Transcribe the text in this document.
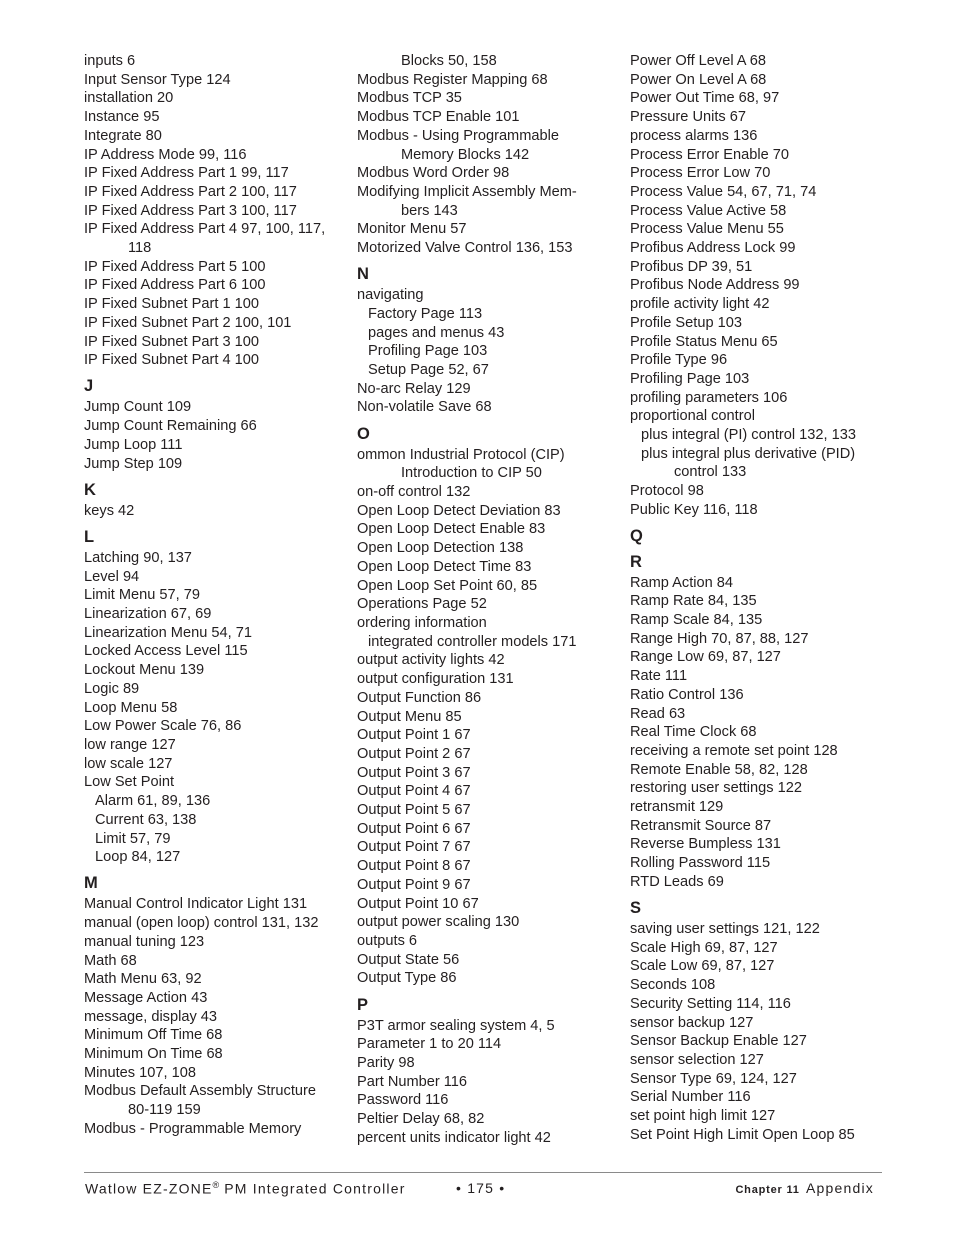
inputs 6
Input Sensor Type 124
installation 20
Instance 95
Integrate 80
IP Address Mode 99, 116
IP Fixed Address Part 1 99, 117
IP Fixed Address Part 2 100, 117
IP Fixed Address Part 3 100, 117
IP Fixed Address Part 4 97, 100, 117,
118
IP Fixed Address Part 5 100
IP Fixed Address Part 6 100
IP Fixed Subnet Part 1 100
IP Fixed Subnet Part 2 100, 101
IP Fixed Subnet Part 3 100
IP Fixed Subnet Part 4 100
J
Jump Count 109
Jump Count Remaining 66
Jump Loop 111
Jump Step 109
K
keys 42
L
Latching 90, 137
Level 94
Limit Menu 57, 79
Linearization 67, 69
Linearization Menu 54, 71
Locked Access Level 115
Lockout Menu 139
Logic 89
Loop Menu 58
Low Power Scale 76, 86
low range 127
low scale 127
Low Set Point
Alarm 61, 89, 136
Current 63, 138
Limit 57, 79
Loop 84, 127
M
Manual Control Indicator Light 131
manual (open loop) control 131, 132
manual tuning 123
Math 68
Math Menu 63, 92
Message Action 43
message, display 43
Minimum Off Time 68
Minimum On Time 68
Minutes 107, 108
Modbus Default Assembly Structure
80-119 159
Modbus - Programmable Memory
Blocks 50, 158
Modbus Register Mapping 68
Modbus TCP 35
Modbus TCP Enable 101
Modbus - Using Programmable
Memory Blocks 142
Modbus Word Order 98
Modifying Implicit Assembly Mem-
bers 143
Monitor Menu 57
Motorized Valve Control 136, 153
N
navigating
Factory Page 113
pages and menus 43
Profiling Page 103
Setup Page 52, 67
No-arc Relay 129
Non-volatile Save 68
O
ommon Industrial Protocol (CIP)
Introduction to CIP 50
on-off control 132
Open Loop Detect Deviation 83
Open Loop Detect Enable 83
Open Loop Detection 138
Open Loop Detect Time 83
Open Loop Set Point 60, 85
Operations Page 52
ordering information
integrated controller models 171
output activity lights 42
output configuration 131
Output Function 86
Output Menu 85
Output Point 1 67
Output Point 2 67
Output Point 3 67
Output Point 4 67
Output Point 5 67
Output Point 6 67
Output Point 7 67
Output Point 8 67
Output Point 9 67
Output Point 10 67
output power scaling 130
outputs 6
Output State 56
Output Type 86
P
P3T armor sealing system 4, 5
Parameter 1 to 20 114
Parity 98
Part Number 116
Password 116
Peltier Delay 68, 82
percent units indicator light 42
Power Off Level A 68
Power On Level A 68
Power Out Time 68, 97
Pressure Units 67
process alarms 136
Process Error Enable 70
Process Error Low 70
Process Value 54, 67, 71, 74
Process Value Active 58
Process Value Menu 55
Profibus Address Lock 99
Profibus DP 39, 51
Profibus Node Address 99
profile activity light 42
Profile Setup 103
Profile Status Menu 65
Profile Type 96
Profiling Page 103
profiling parameters 106
proportional control
plus integral (PI) control 132, 133
plus integral plus derivative (PID)
control 133
Protocol 98
Public Key 116, 118
Q
R
Ramp Action 84
Ramp Rate 84, 135
Ramp Scale 84, 135
Range High 70, 87, 88, 127
Range Low 69, 87, 127
Rate 111
Ratio Control 136
Read 63
Real Time Clock 68
receiving a remote set point 128
Remote Enable 58, 82, 128
restoring user settings 122
retransmit 129
Retransmit Source 87
Reverse Bumpless 131
Rolling Password 115
RTD Leads 69
S
saving user settings 121, 122
Scale High 69, 87, 127
Scale Low 69, 87, 127
Seconds 108
Security Setting 114, 116
sensor backup 127
Sensor Backup Enable 127
sensor selection 127
Sensor Type 69, 124, 127
Serial Number 116
set point high limit 127
Set Point High Limit Open Loop 85
Watlow EZ-ZONE® PM Integrated Controller	• 175 •	Chapter 11 Appendix
